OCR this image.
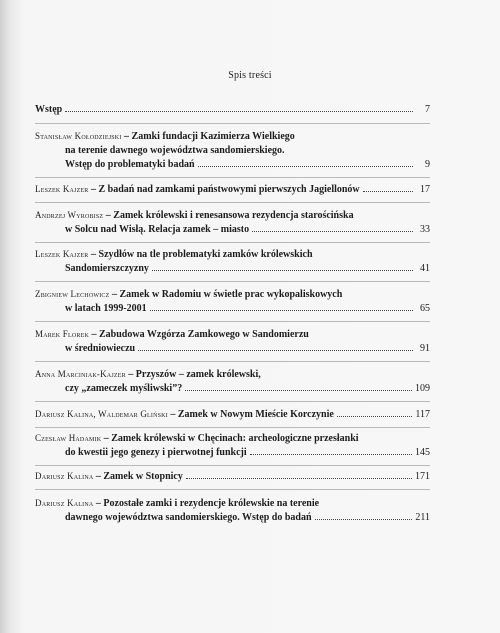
Spis treści
Wstęp	7
Stanisław Kołodziejski – Zamki fundacji Kazimierza Wielkiego
na terenie dawnego województwa sandomierskiego.
Wstęp do problematyki badań	9
Leszek Kajzer – Z badań nad zamkami państwowymi pierwszych Jagiellonów	17
Andrzej Wyrobisz – Zamek królewski i renesansowa rezydencja starościńska
w Solcu nad Wisłą. Relacja zamek – miasto	33
Leszek Kajzer – Szydłów na tle problematyki zamków królewskich
Sandomierszczyzny	41
Zbigniew Lechowicz – Zamek w Radomiu w świetle prac wykopaliskowych
w latach 1999-2001	65
Marek Florek – Zabudowa Wzgórza Zamkowego w Sandomierzu
w średniowieczu	91
Anna Marciniak-Kajzer – Przyszów – zamek królewski,
czy „zameczek myśliwski”?	109
Dariusz Kalina, Waldemar Gliński – Zamek w Nowym Mieście Korczynie	117
Czesław Hadamik – Zamek królewski w Chęcinach: archeologiczne przesłanki
do kwestii jego genezy i pierwotnej funkcji	145
Dariusz Kalina – Zamek w Stopnicy	171
Dariusz Kalina – Pozostałe zamki i rezydencje królewskie na terenie
dawnego województwa sandomierskiego. Wstęp do badań	211
